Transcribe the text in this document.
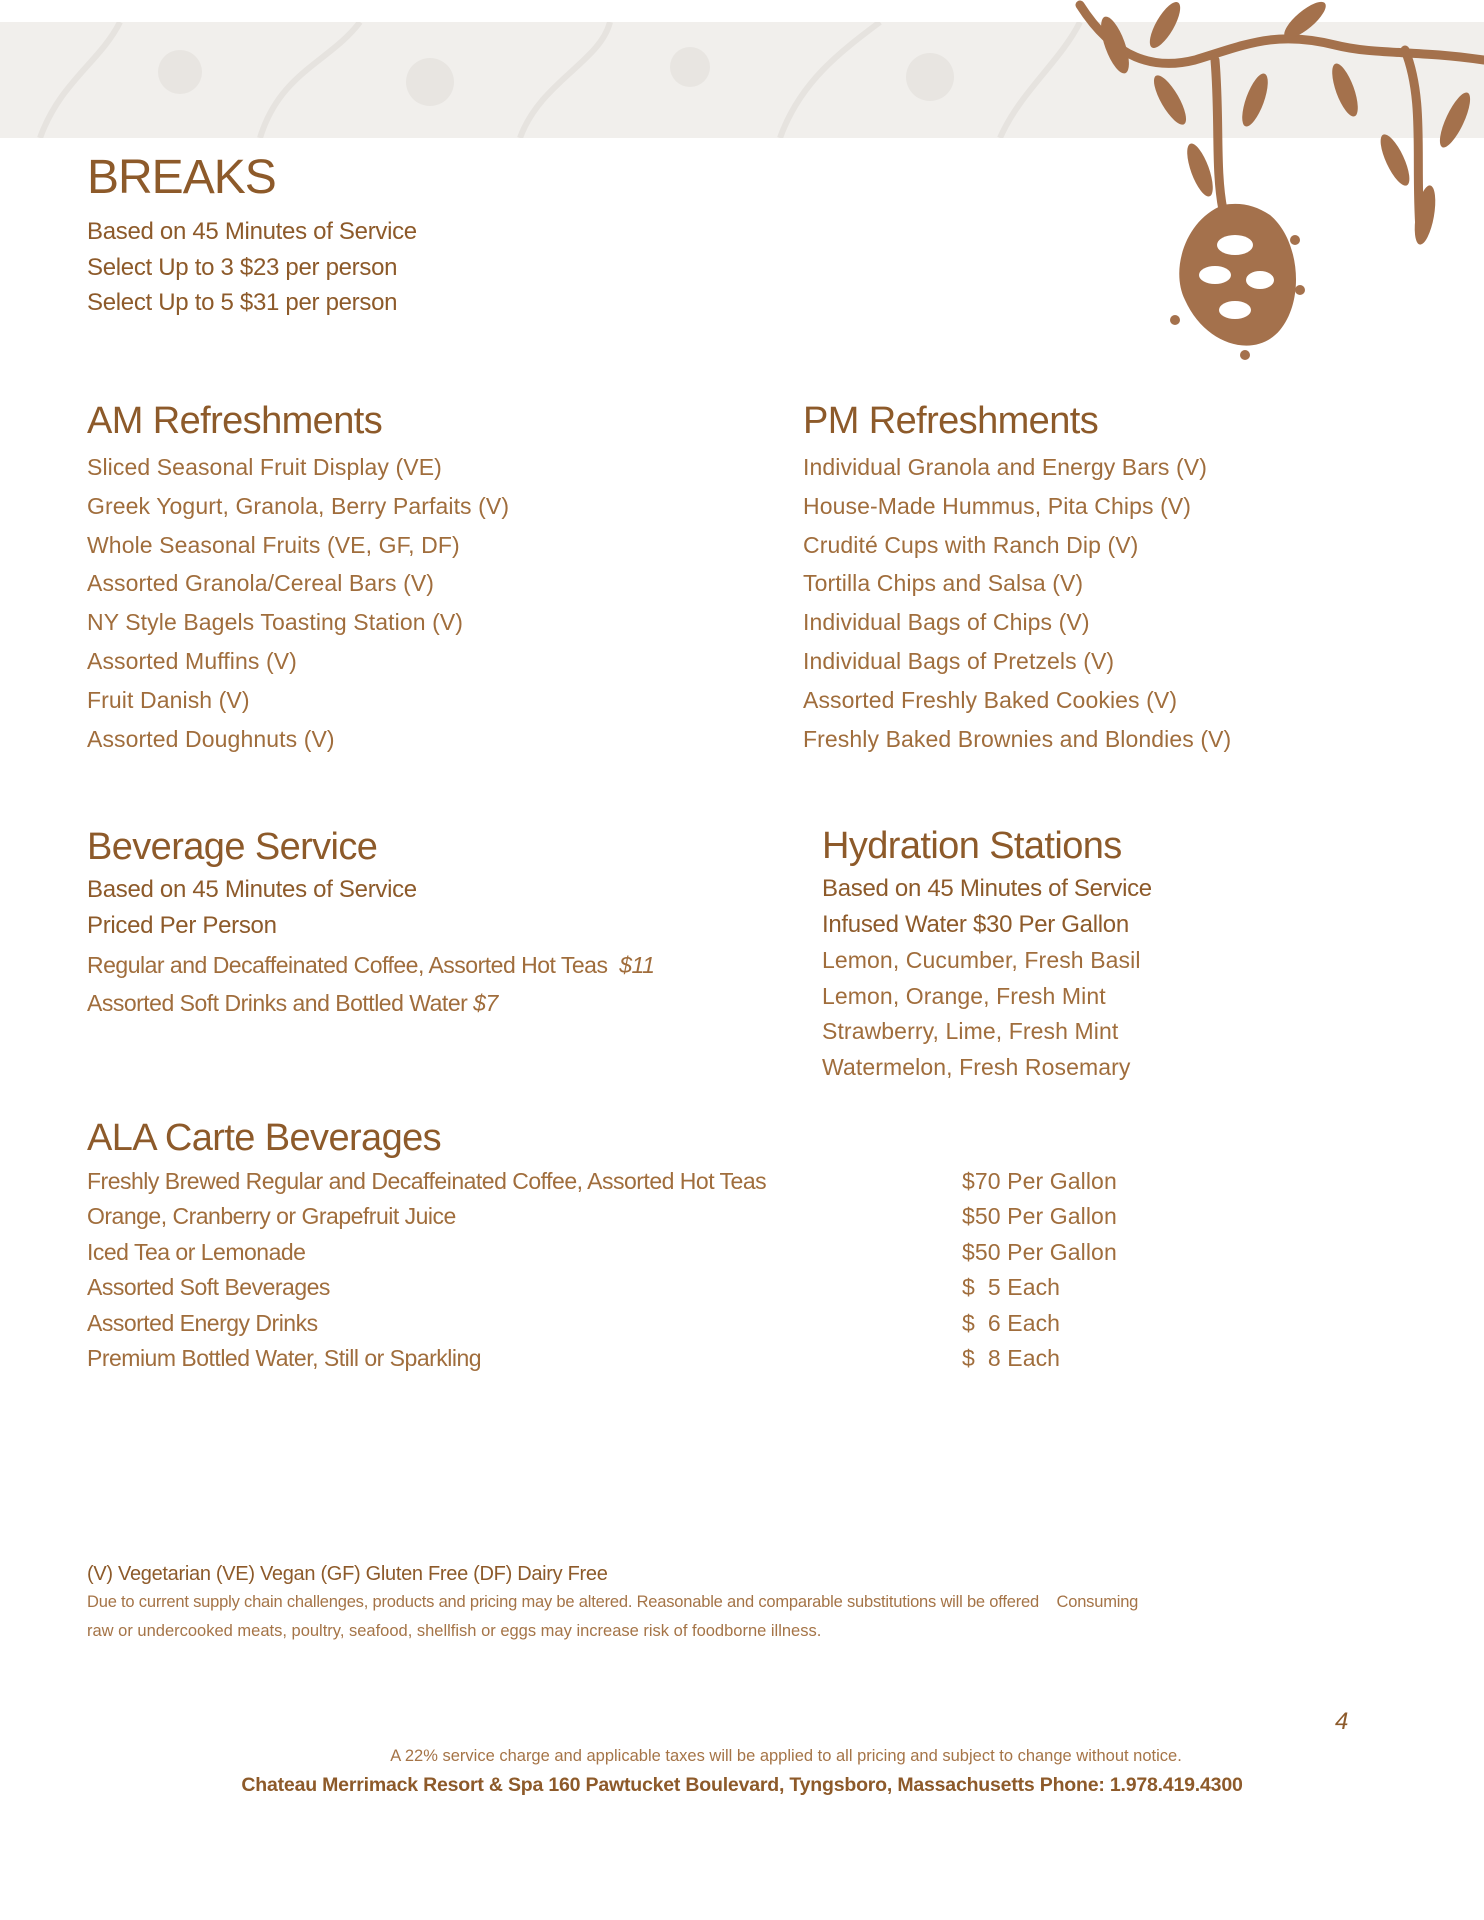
BREAKS
Based on 45 Minutes of Service
Select Up to 3 $23 per person
Select Up to 5 $31 per person
AM Refreshments
Sliced Seasonal Fruit Display (VE)
Greek Yogurt, Granola, Berry Parfaits (V)
Whole Seasonal Fruits (VE, GF, DF)
Assorted Granola/Cereal Bars (V)
NY Style Bagels Toasting Station (V)
Assorted Muffins (V)
Fruit Danish (V)
Assorted Doughnuts (V)
PM Refreshments
Individual Granola and Energy Bars (V)
House-Made Hummus, Pita Chips (V)
Crudité Cups with Ranch Dip (V)
Tortilla Chips and Salsa (V)
Individual Bags of Chips (V)
Individual Bags of Pretzels (V)
Assorted Freshly Baked Cookies (V)
Freshly Baked Brownies and Blondies (V)
Beverage Service
Based on 45 Minutes of Service
Priced Per Person
Regular and Decaffeinated Coffee, Assorted Hot Teas $11
Assorted Soft Drinks and Bottled Water $7
Hydration Stations
Based on 45 Minutes of Service
Infused Water $30 Per Gallon
Lemon, Cucumber, Fresh Basil
Lemon, Orange, Fresh Mint
Strawberry, Lime, Fresh Mint
Watermelon, Fresh Rosemary
ALA Carte Beverages
Freshly Brewed Regular and Decaffeinated Coffee, Assorted Hot Teas
Orange, Cranberry or Grapefruit Juice
Iced Tea or Lemonade
Assorted Soft Beverages
Assorted Energy Drinks
Premium Bottled Water, Still or Sparkling
$70 Per Gallon
$50 Per Gallon
$50 Per Gallon
$  5 Each
$  6 Each
$  8 Each
(V) Vegetarian (VE) Vegan (GF) Gluten Free (DF) Dairy Free
Due to current supply chain challenges, products and pricing may be altered. Reasonable and comparable substitutions will be offered    Consuming
raw or undercooked meats, poultry, seafood, shellfish or eggs may increase risk of foodborne illness.
4
A 22% service charge and applicable taxes will be applied to all pricing and subject to change without notice.
Chateau Merrimack Resort & Spa 160 Pawtucket Boulevard, Tyngsboro, Massachusetts Phone: 1.978.419.4300
